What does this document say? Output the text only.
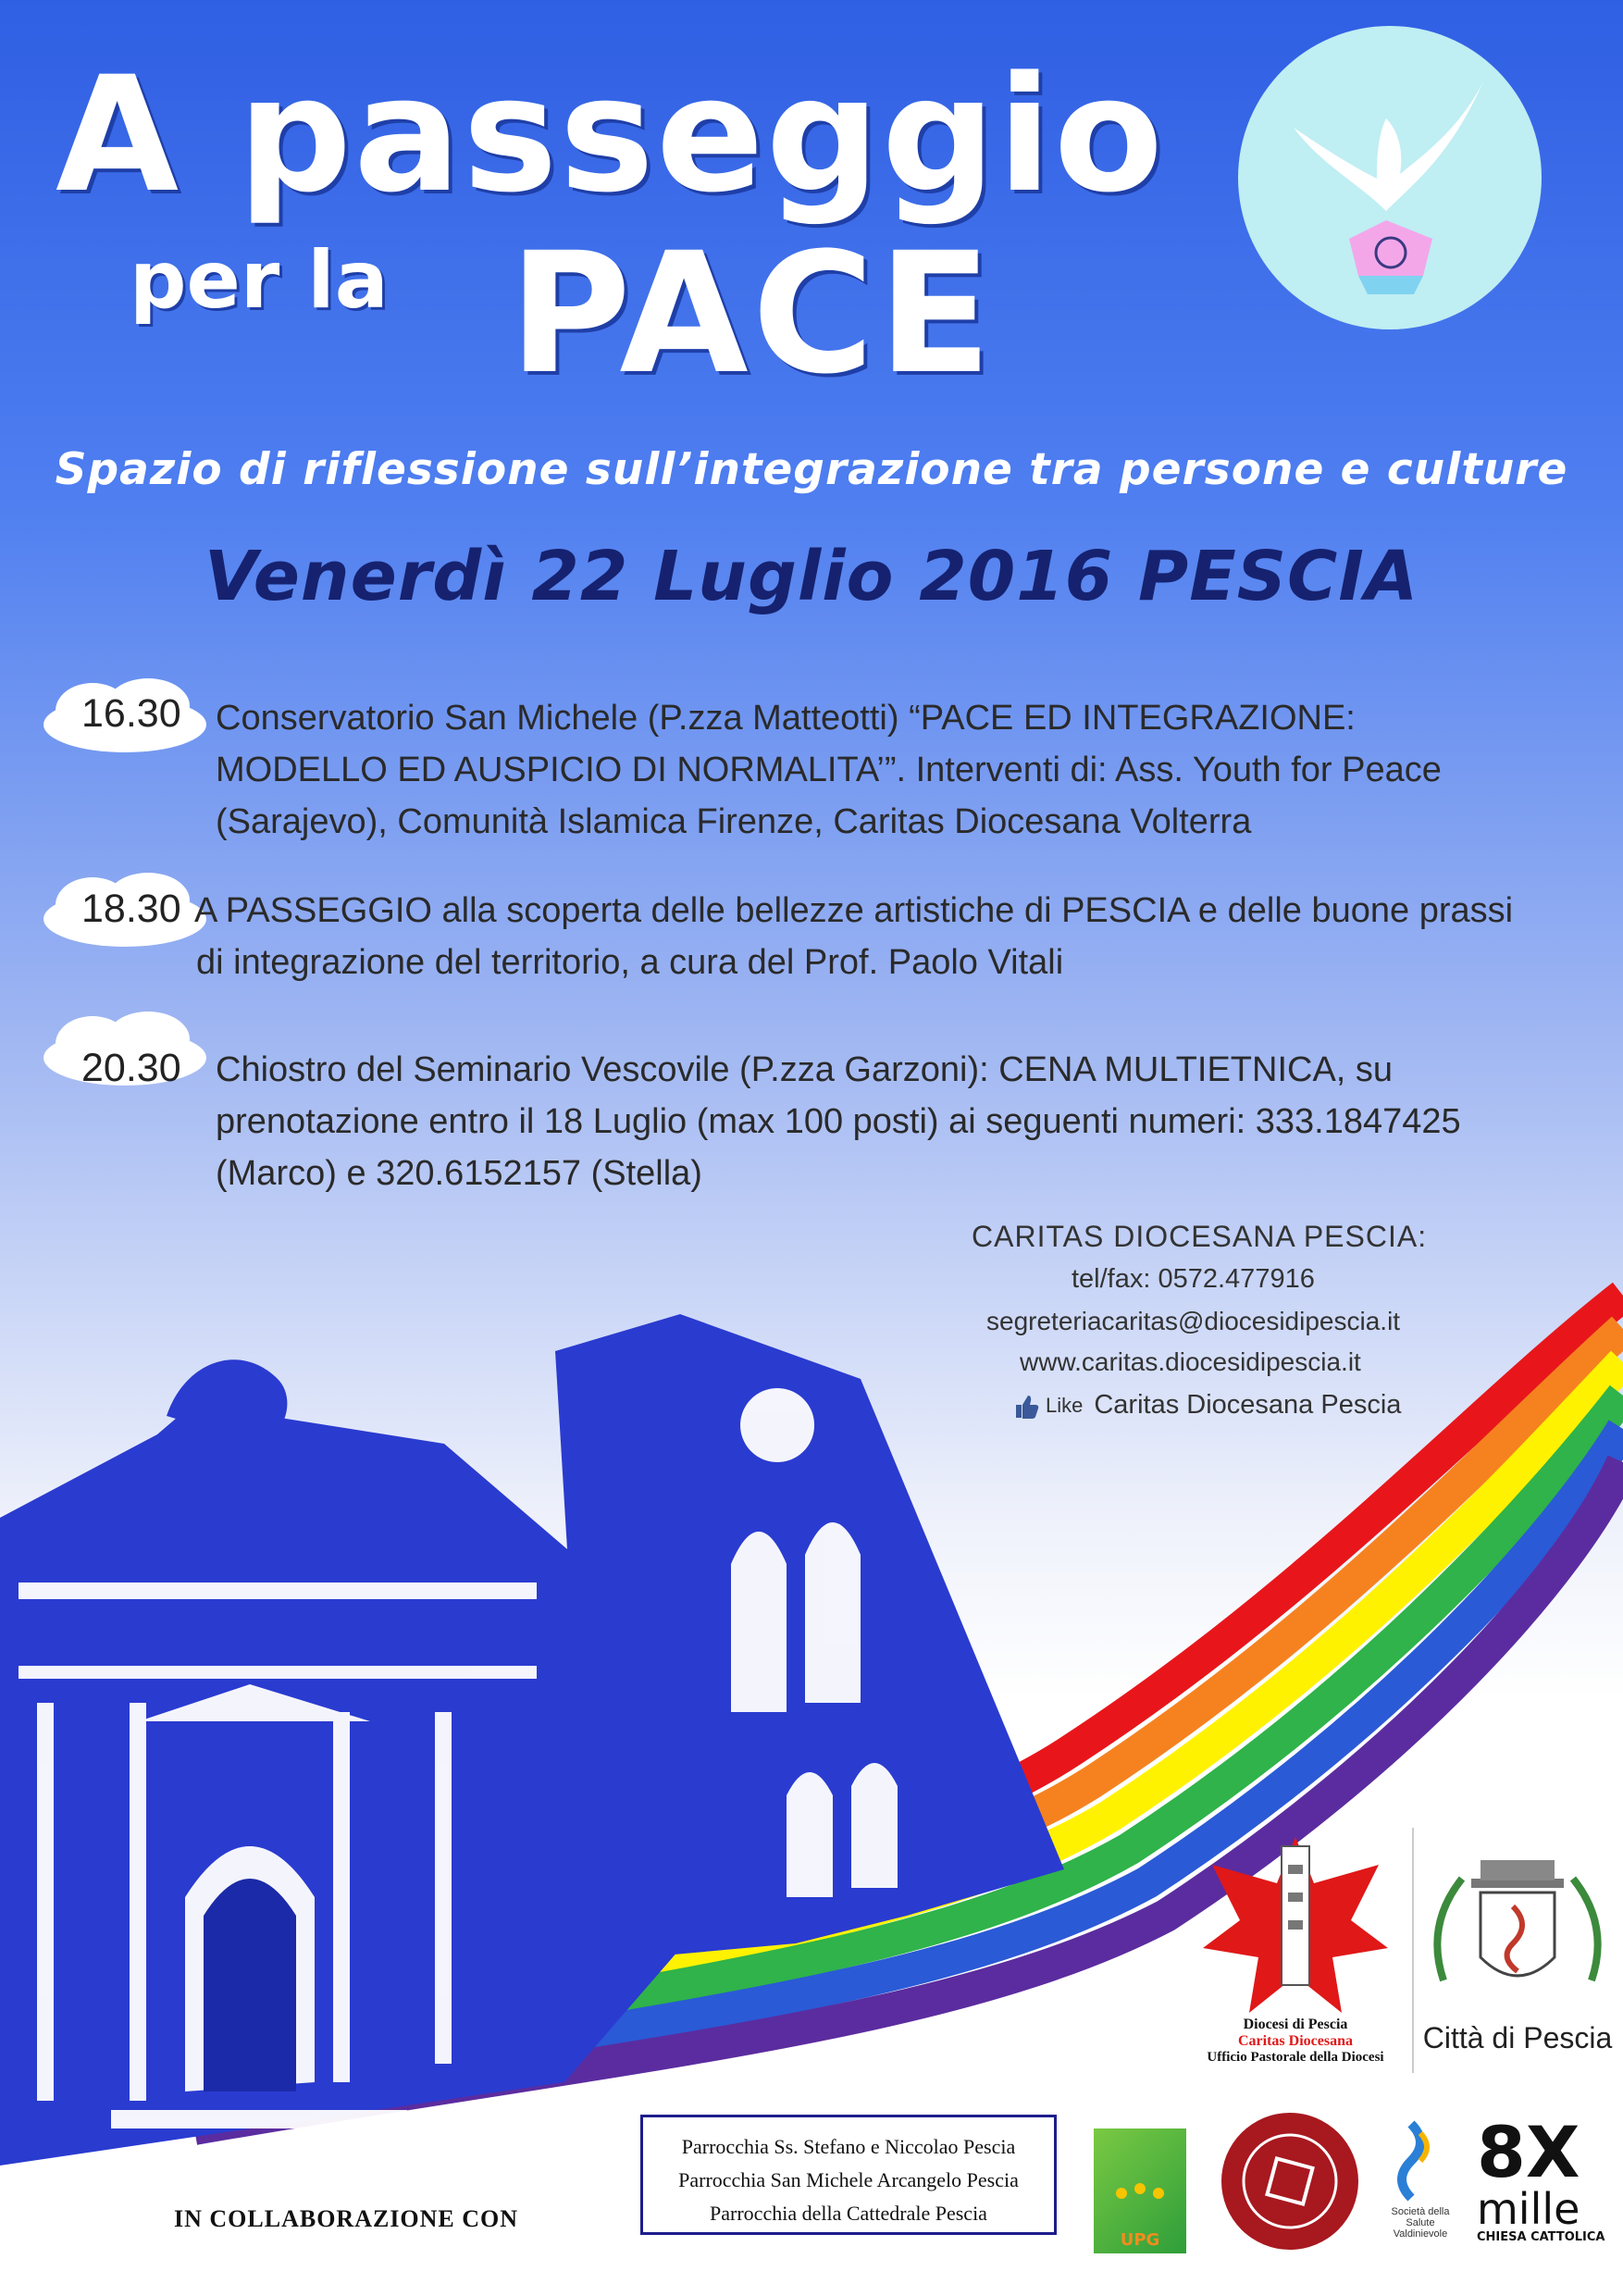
A passeggio
per la PACE
Spazio di riflessione sull’integrazione tra persone e culture
Venerdì 22 Luglio 2016 PESCIA
16.30 Conservatorio San Michele (P.zza Matteotti) “PACE ED INTEGRAZIONE:
MODELLO ED AUSPICIO DI NORMALITA’”. Interventi di: Ass. Youth for Peace
(Sarajevo), Comunità Islamica Firenze, Caritas Diocesana Volterra
18.30 A PASSEGGIO alla scoperta delle bellezze artistiche di PESCIA e delle buone prassi
di integrazione del territorio, a cura del Prof. Paolo Vitali
20.30 Chiostro del Seminario Vescovile (P.zza Garzoni): CENA MULTIETNICA, su
prenotazione entro il 18 Luglio (max 100 posti) ai seguenti numeri: 333.1847425
(Marco) e 320.6152157 (Stella)
CARITAS DIOCESANA PESCIA:
tel/fax: 0572.477916
segreteriacaritas@diocesidipescia.it
www.caritas.diocesidipescia.it
Like Caritas Diocesana Pescia
Diocesi di Pescia
Caritas Diocesana
Ufficio Pastorale della Diocesi
Città di Pescia
Parrocchia Ss. Stefano e Niccolao Pescia
Parrocchia San Michele Arcangelo Pescia
Parrocchia della Cattedrale Pescia
IN COLLABORAZIONE CON
UPG
Società della Salute
Valdinievole
8X
mille
CHIESA CATTOLICA
